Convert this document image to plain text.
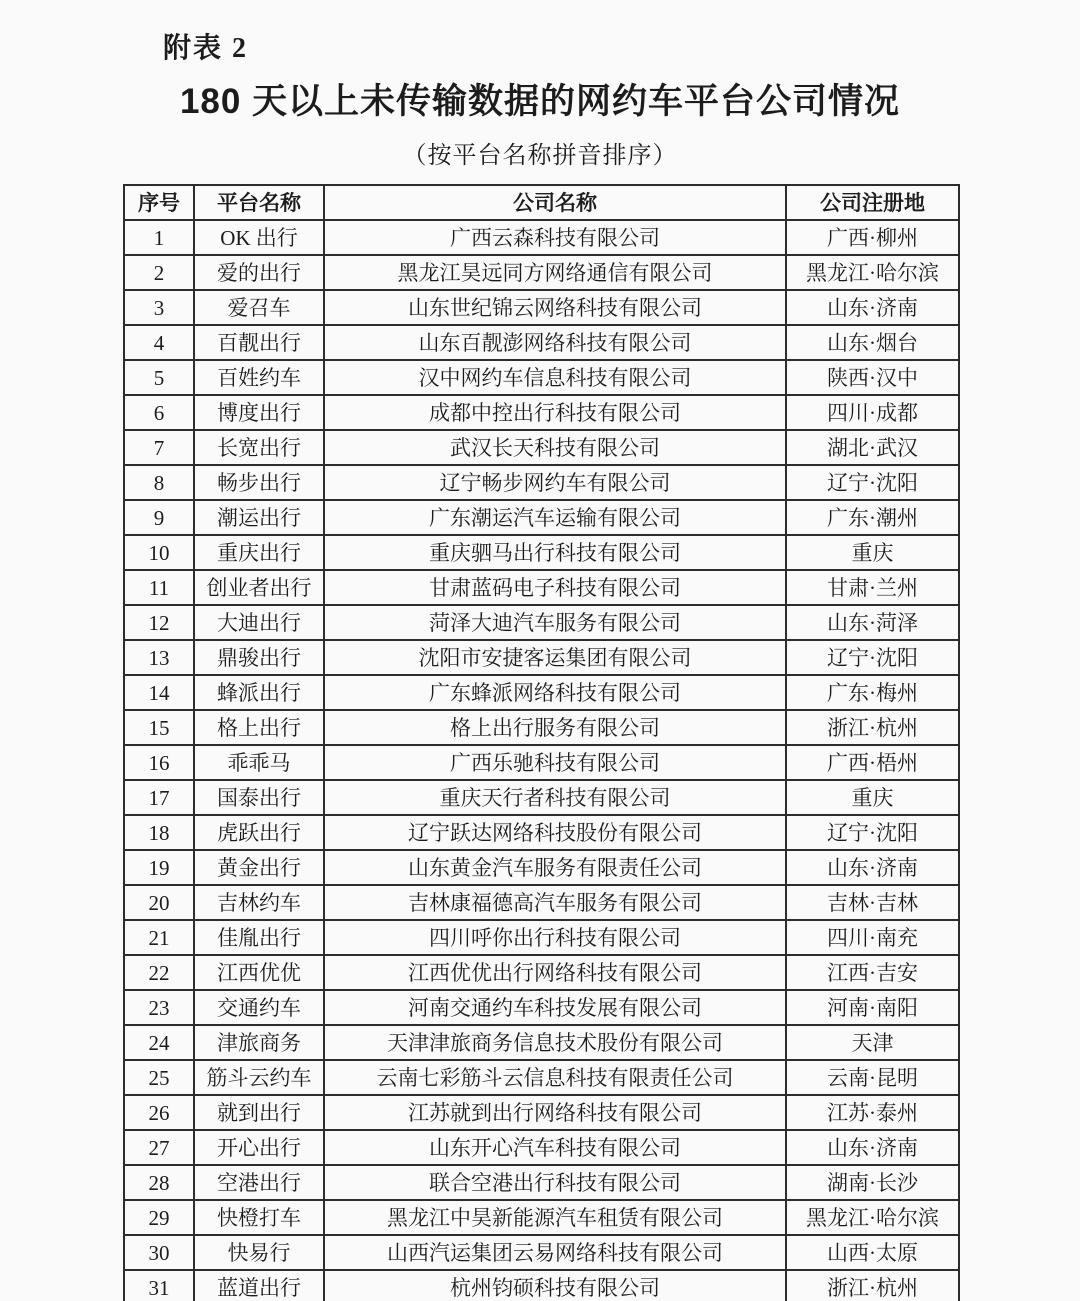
附表 2
180 天以上未传输数据的网约车平台公司情况
（按平台名称拼音排序）
序号	平台名称	公司名称	公司注册地
1	OK 出行	广西云森科技有限公司	广西·柳州
2	爱的出行	黑龙江昊远同方网络通信有限公司	黑龙江·哈尔滨
3	爱召车	山东世纪锦云网络科技有限公司	山东·济南
4	百靓出行	山东百靓澎网络科技有限公司	山东·烟台
5	百姓约车	汉中网约车信息科技有限公司	陕西·汉中
6	博度出行	成都中控出行科技有限公司	四川·成都
7	长宽出行	武汉长天科技有限公司	湖北·武汉
8	畅步出行	辽宁畅步网约车有限公司	辽宁·沈阳
9	潮运出行	广东潮运汽车运输有限公司	广东·潮州
10	重庆出行	重庆驷马出行科技有限公司	重庆
11	创业者出行	甘肃蓝码电子科技有限公司	甘肃·兰州
12	大迪出行	菏泽大迪汽车服务有限公司	山东·菏泽
13	鼎骏出行	沈阳市安捷客运集团有限公司	辽宁·沈阳
14	蜂派出行	广东蜂派网络科技有限公司	广东·梅州
15	格上出行	格上出行服务有限公司	浙江·杭州
16	乖乖马	广西乐驰科技有限公司	广西·梧州
17	国泰出行	重庆天行者科技有限公司	重庆
18	虎跃出行	辽宁跃达网络科技股份有限公司	辽宁·沈阳
19	黄金出行	山东黄金汽车服务有限责任公司	山东·济南
20	吉林约车	吉林康福德高汽车服务有限公司	吉林·吉林
21	佳胤出行	四川呼你出行科技有限公司	四川·南充
22	江西优优	江西优优出行网络科技有限公司	江西·吉安
23	交通约车	河南交通约车科技发展有限公司	河南·南阳
24	津旅商务	天津津旅商务信息技术股份有限公司	天津
25	筋斗云约车	云南七彩筋斗云信息科技有限责任公司	云南·昆明
26	就到出行	江苏就到出行网络科技有限公司	江苏·泰州
27	开心出行	山东开心汽车科技有限公司	山东·济南
28	空港出行	联合空港出行科技有限公司	湖南·长沙
29	快橙打车	黑龙江中昊新能源汽车租赁有限公司	黑龙江·哈尔滨
30	快易行	山西汽运集团云易网络科技有限公司	山西·太原
31	蓝道出行	杭州钧硕科技有限公司	浙江·杭州
